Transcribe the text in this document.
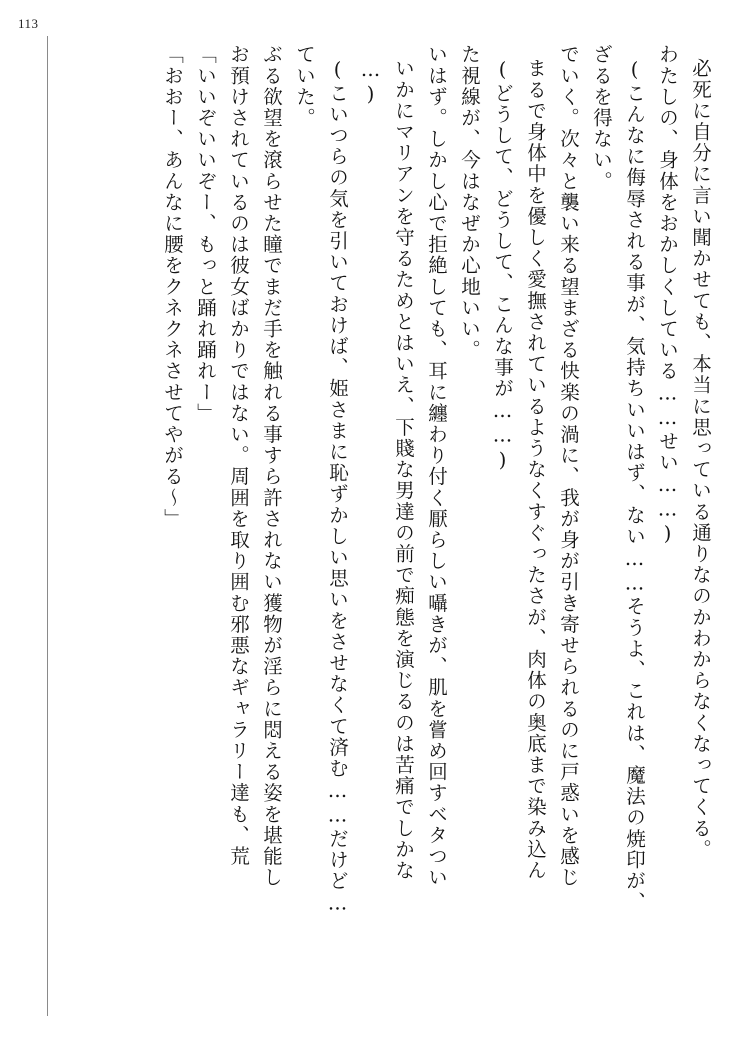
113
「おおー、あんなに腰をクネクネさせてやがる～」 「いいぞいいぞー、もっと踊れ踊れー」 お預けされているのは彼女ばかりではない。周囲を取り囲む邪悪なギャラリー達も、荒 ぶる欲望を滾らせた瞳でまだ手を触れる事すら許されない獲物が淫らに悶える姿を堪能し ていた。 (こいつらの気を引いておけば、姫さまに恥ずかしい思いをさせなくて済む……だけど… …) いかにマリアンを守るためとはいえ、下賤な男達の前で痴態を演じるのは苦痛でしかな いはず。しかし心で拒絶しても、耳に纏わり付く厭らしい囁きが、肌を嘗め回すベタつい た視線が、今はなぜか心地いい。 (どうして、どうして、こんな事が……) まるで身体中を優しく愛撫されているようなくすぐったさが、肉体の奥底まで染み込ん でいく。次々と襲い来る望まざる快楽の渦に、我が身が引き寄せられるのに戸惑いを感じ ざるを得ない。 (こんなに侮辱される事が、気持ちいいはず、ない……そうよ、これは、魔法の焼印が、 わたしの、身体をおかしくしている……せい……) 必死に自分に言い聞かせても、本当に思っている通りなのかわからなくなってくる。
